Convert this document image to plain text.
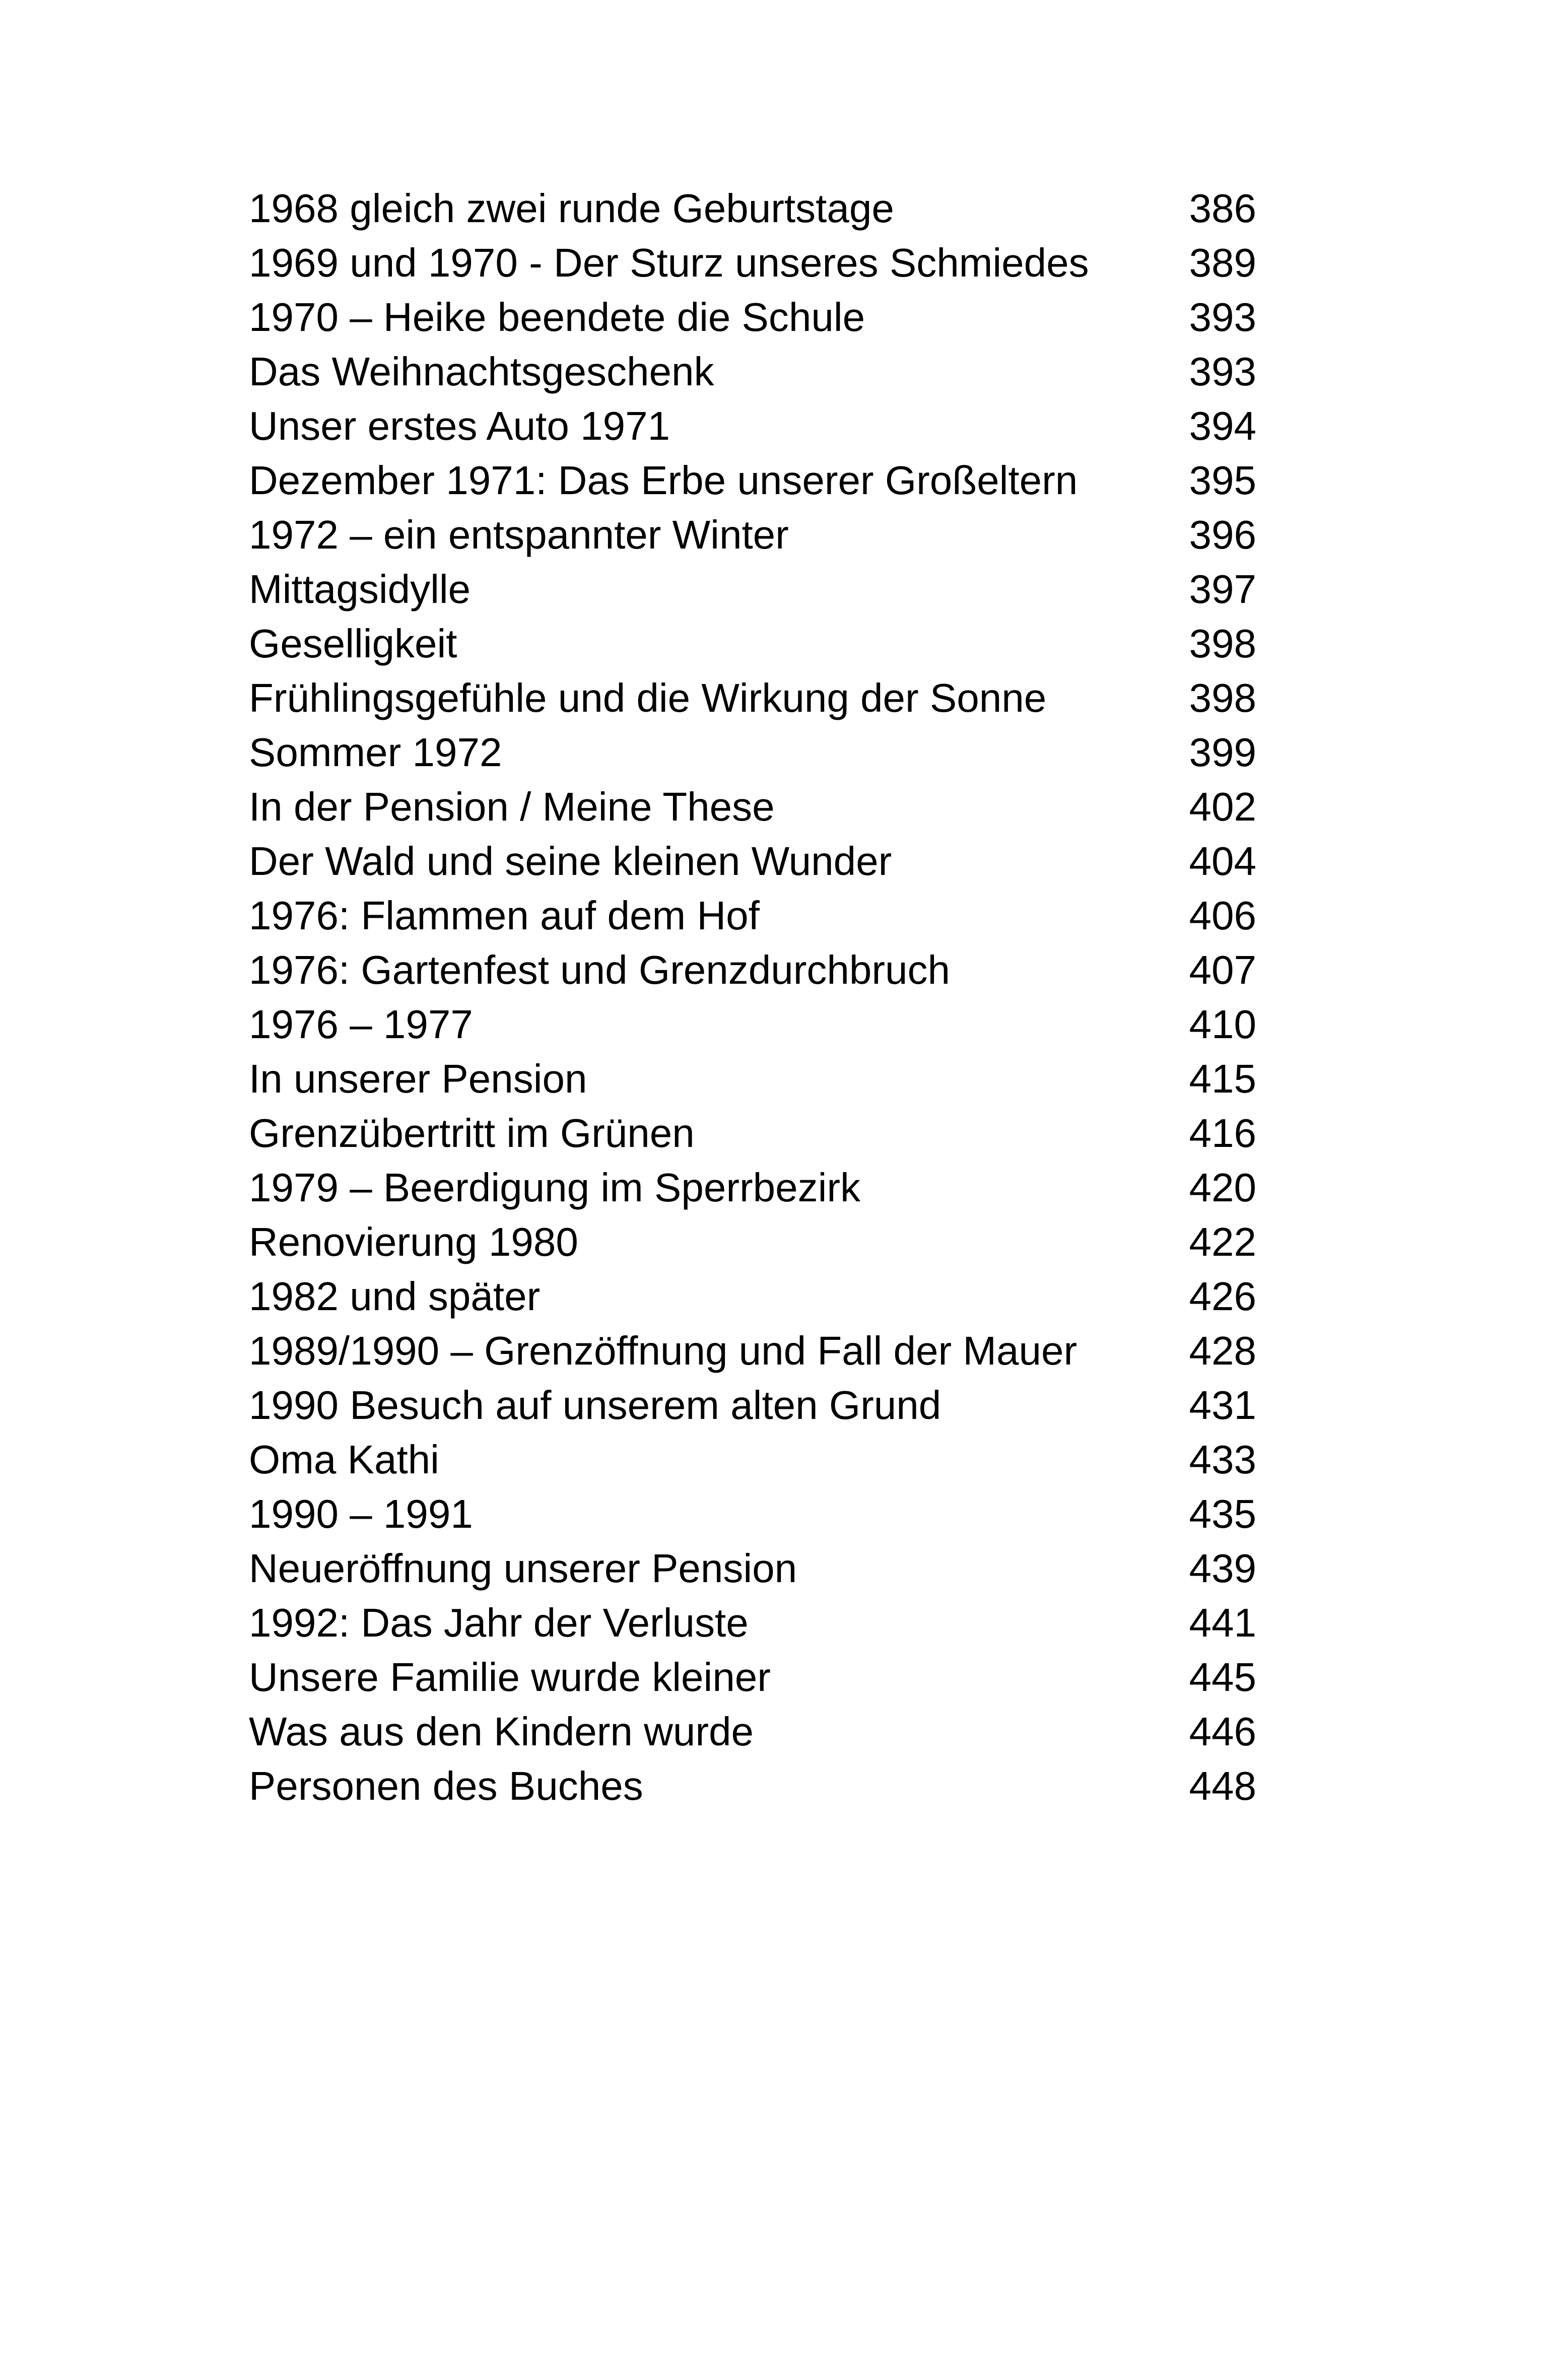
1968 gleich zwei runde Geburtstage	386
1969 und 1970 - Der Sturz unseres Schmiedes 389
1970 – Heike beendete die Schule	393
Das Weihnachtsgeschenk	393
Unser erstes Auto 1971	394
Dezember 1971: Das Erbe unserer Großeltern	395
1972 – ein entspannter Winter	396
Mittagsidylle	397
Geselligkeit	398
Frühlingsgefühle und die Wirkung der Sonne	398
Sommer 1972	399
In der Pension / Meine These	402
Der Wald und seine kleinen Wunder	404
1976: Flammen auf dem Hof	406
1976: Gartenfest und Grenzdurchbruch	407
1976 – 1977	410
In unserer Pension	415
Grenzübertritt im Grünen	416
1979 – Beerdigung im Sperrbezirk	420
Renovierung 1980	422
1982 und später	426
1989/1990 – Grenzöffnung und Fall der Mauer	428
1990 Besuch auf unserem alten Grund	431
Oma Kathi	433
1990 – 1991	435
Neueröffnung unserer Pension	439
1992: Das Jahr der Verluste	441
Unsere Familie wurde kleiner	445
Was aus den Kindern wurde	446
Personen des Buches	448
